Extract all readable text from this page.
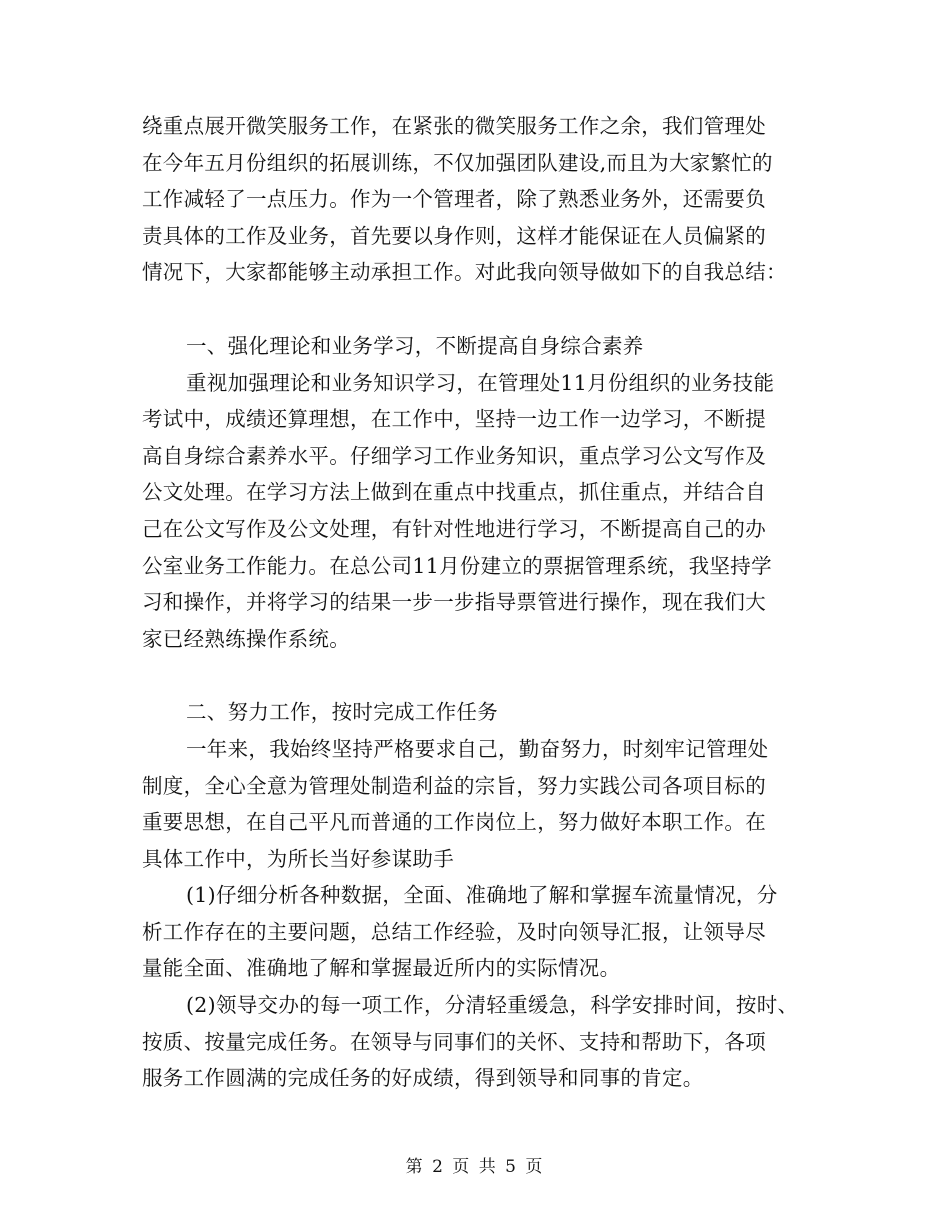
绕重点展开微笑服务工作，在紧张的微笑服务工作之余，我们管理处
在今年五月份组织的拓展训练，不仅加强团队建设,而且为大家繁忙的
工作减轻了一点压力。作为一个管理者，除了熟悉业务外，还需要负
责具体的工作及业务，首先要以身作则，这样才能保证在人员偏紧的
情况下，大家都能够主动承担工作。对此我向领导做如下的自我总结：
一、强化理论和业务学习，不断提高自身综合素养
重视加强理论和业务知识学习，在管理处11月份组织的业务技能
考试中，成绩还算理想，在工作中，坚持一边工作一边学习，不断提
高自身综合素养水平。仔细学习工作业务知识，重点学习公文写作及
公文处理。在学习方法上做到在重点中找重点，抓住重点，并结合自
己在公文写作及公文处理，有针对性地进行学习，不断提高自己的办
公室业务工作能力。在总公司11月份建立的票据管理系统，我坚持学
习和操作，并将学习的结果一步一步指导票管进行操作，现在我们大
家已经熟练操作系统。
二、努力工作，按时完成工作任务
一年来，我始终坚持严格要求自己，勤奋努力，时刻牢记管理处
制度，全心全意为管理处制造利益的宗旨，努力实践公司各项目标的
重要思想，在自己平凡而普通的工作岗位上，努力做好本职工作。在
具体工作中，为所长当好参谋助手
(1)仔细分析各种数据，全面、准确地了解和掌握车流量情况，分
析工作存在的主要问题，总结工作经验，及时向领导汇报，让领导尽
量能全面、准确地了解和掌握最近所内的实际情况。
(2)领导交办的每一项工作，分清轻重缓急，科学安排时间，按时、
按质、按量完成任务。在领导与同事们的关怀、支持和帮助下，各项
服务工作圆满的完成任务的好成绩，得到领导和同事的肯定。
第 2 页 共 5 页
